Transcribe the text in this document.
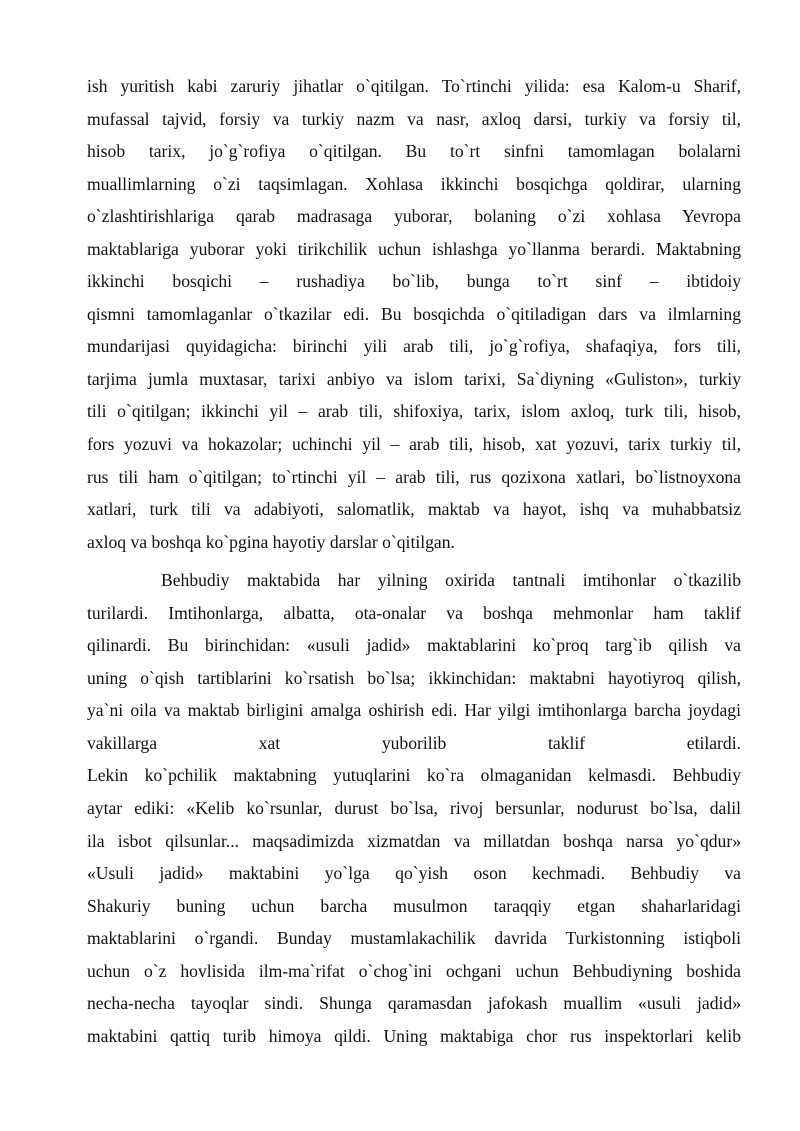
ish yuritish kabi zaruriy jihatlar o`qitilgan. To`rtinchi yilida: esa Kalom-u Sharif,
mufassal tajvid, forsiy va turkiy nazm va nasr, axloq darsi, turkiy va forsiy til,
hisob tarix, jo`g`rofiya o`qitilgan. Bu to`rt sinfni tamomlagan bolalarni
muallimlarning o`zi taqsimlagan. Xohlasa ikkinchi bosqichga qoldirar, ularning
o`zlashtirishlariga qarab madrasaga yuborar, bolaning o`zi xohlasa Yevropa
maktablariga yuborar yoki tirikchilik uchun ishlashga yo`llanma berardi. Maktabning
ikkinchi bosqichi – rushadiya bo`lib, bunga to`rt sinf – ibtidoiy
qismni tamomlaganlar o`tkazilar edi. Bu bosqichda o`qitiladigan dars va ilmlarning
mundarijasi quyidagicha: birinchi yili arab tili, jo`g`rofiya, shafaqiya, fors tili,
tarjima jumla muxtasar, tarixi anbiyo va islom tarixi, Sa`diyning «Guliston», turkiy
tili o`qitilgan; ikkinchi yil – arab tili, shifoxiya, tarix, islom axloq, turk tili, hisob,
fors yozuvi va hokazolar; uchinchi yil – arab tili, hisob, xat yozuvi, tarix turkiy til,
rus tili ham o`qitilgan; to`rtinchi yil – arab tili, rus qozixona xatlari, bo`listnoyxona
xatlari, turk tili va adabiyoti, salomatlik, maktab va hayot, ishq va muhabbatsiz
axloq va boshqa ko`pgina hayotiy darslar o`qitilgan.
Behbudiy maktabida har yilning oxirida tantnali imtihonlar o`tkazilib
turilardi. Imtihonlarga, albatta, ota-onalar va boshqa mehmonlar ham taklif
qilinardi. Bu birinchidan: «usuli jadid» maktablarini ko`proq targ`ib qilish va
uning o`qish tartiblarini ko`rsatish bo`lsa; ikkinchidan: maktabni hayotiyroq qilish,
ya`ni oila va maktab birligini amalga oshirish edi. Har yilgi imtihonlarga barcha joydagi
vakillarga xat yuborilib taklif etilardi.
Lekin ko`pchilik maktabning yutuqlarini ko`ra olmaganidan kelmasdi. Behbudiy
aytar ediki: «Kelib ko`rsunlar, durust bo`lsa, rivoj bersunlar, nodurust bo`lsa, dalil
ila isbot qilsunlar... maqsadimizda xizmatdan va millatdan boshqa narsa yo`qdur»
«Usuli jadid» maktabini yo`lga qo`yish oson kechmadi. Behbudiy va
Shakuriy buning uchun barcha musulmon taraqqiy etgan shaharlaridagi
maktablarini o`rgandi. Bunday mustamlakachilik davrida Turkistonning istiqboli
uchun o`z hovlisida ilm-ma`rifat o`chog`ini ochgani uchun Behbudiyning boshida
necha-necha tayoqlar sindi. Shunga qaramasdan jafokash muallim «usuli jadid»
maktabini qattiq turib himoya qildi. Uning maktabiga chor rus inspektorlari kelib
